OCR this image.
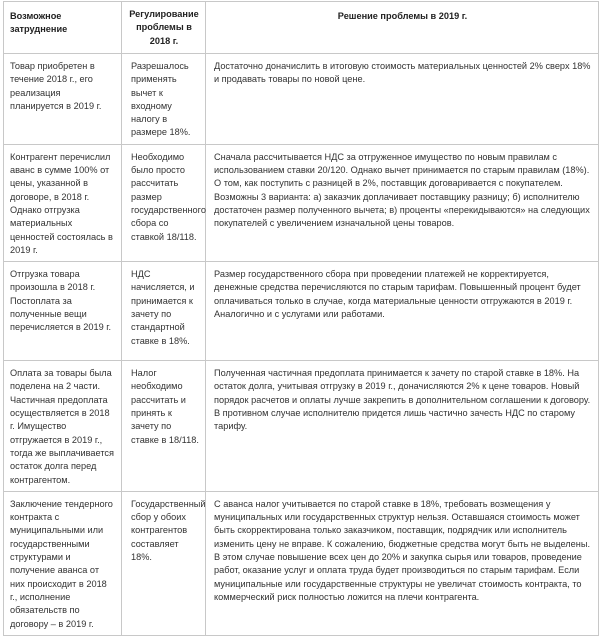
Возможное затруднение	Регулирование проблемы в 2018 г.	Решение проблемы в 2019 г.
Товар приобретен в течение 2018 г., его реализация планируется в 2019 г.	Разрешалось применять вычет к входному налогу в размере 18%.	Достаточно доначислить в итоговую стоимость материальных ценностей 2% сверх 18% и продавать товары по новой цене.
Контрагент перечислил аванс в сумме 100% от цены, указанной в договоре, в 2018 г. Однако отгрузка материальных ценностей состоялась в 2019 г.	Необходимо было просто рассчитать размер государственного сбора со ставкой 18/118.	Сначала рассчитывается НДС за отгруженное имущество по новым правилам с использованием ставки 20/120. Однако вычет принимается по старым правилам (18%). О том, как поступить с разницей в 2%, поставщик договаривается с покупателем. Возможны 3 варианта: а) заказчик доплачивает поставщику разницу; б) исполнителю достаточен размер полученного вычета; в) проценты «перекидываются» на следующих покупателей с увеличением изначальной цены товаров.
Отгрузка товара произошла в 2018 г. Постоплата за полученные вещи перечисляется в 2019 г.	НДС начисляется, и принимается к зачету по стандартной ставке в 18%.	Размер государственного сбора при проведении платежей не корректируется, денежные средства перечисляются по старым тарифам. Повышенный процент будет оплачиваться только в случае, когда материальные ценности отгружаются в 2019 г. Аналогично и с услугами или работами.
Оплата за товары была поделена на 2 части. Частичная предоплата осуществляется в 2018 г. Имущество отгружается в 2019 г., тогда же выплачивается остаток долга перед контрагентом.	Налог необходимо рассчитать и принять к зачету по ставке в 18/118.	Полученная частичная предоплата принимается к зачету по старой ставке в 18%. На остаток долга, учитывая отгрузку в 2019 г., доначисляются 2% к цене товаров. Новый порядок расчетов и оплаты лучше закрепить в дополнительном соглашении к договору. В противном случае исполнителю придется лишь частично зачесть НДС по старому тарифу.
Заключение тендерного контракта с муниципальными или государственными структурами и получение аванса от них происходит в 2018 г., исполнение обязательств по договору – в 2019 г.	Государственный сбор у обоих контрагентов составляет 18%.	С аванса налог учитывается по старой ставке в 18%, требовать возмещения у муниципальных или государственных структур нельзя. Оставшаяся стоимость может быть скорректирована только заказчиком, поставщик, подрядчик или исполнитель изменить цену не вправе. К сожалению, бюджетные средства могут быть не выделены. В этом случае повышение всех цен до 20% и закупка сырья или товаров, проведение работ, оказание услуг и оплата труда будет производиться по старым тарифам. Если муниципальные или государственные структуры не увеличат стоимость контракта, то коммерческий риск полностью ложится на плечи контрагента.
